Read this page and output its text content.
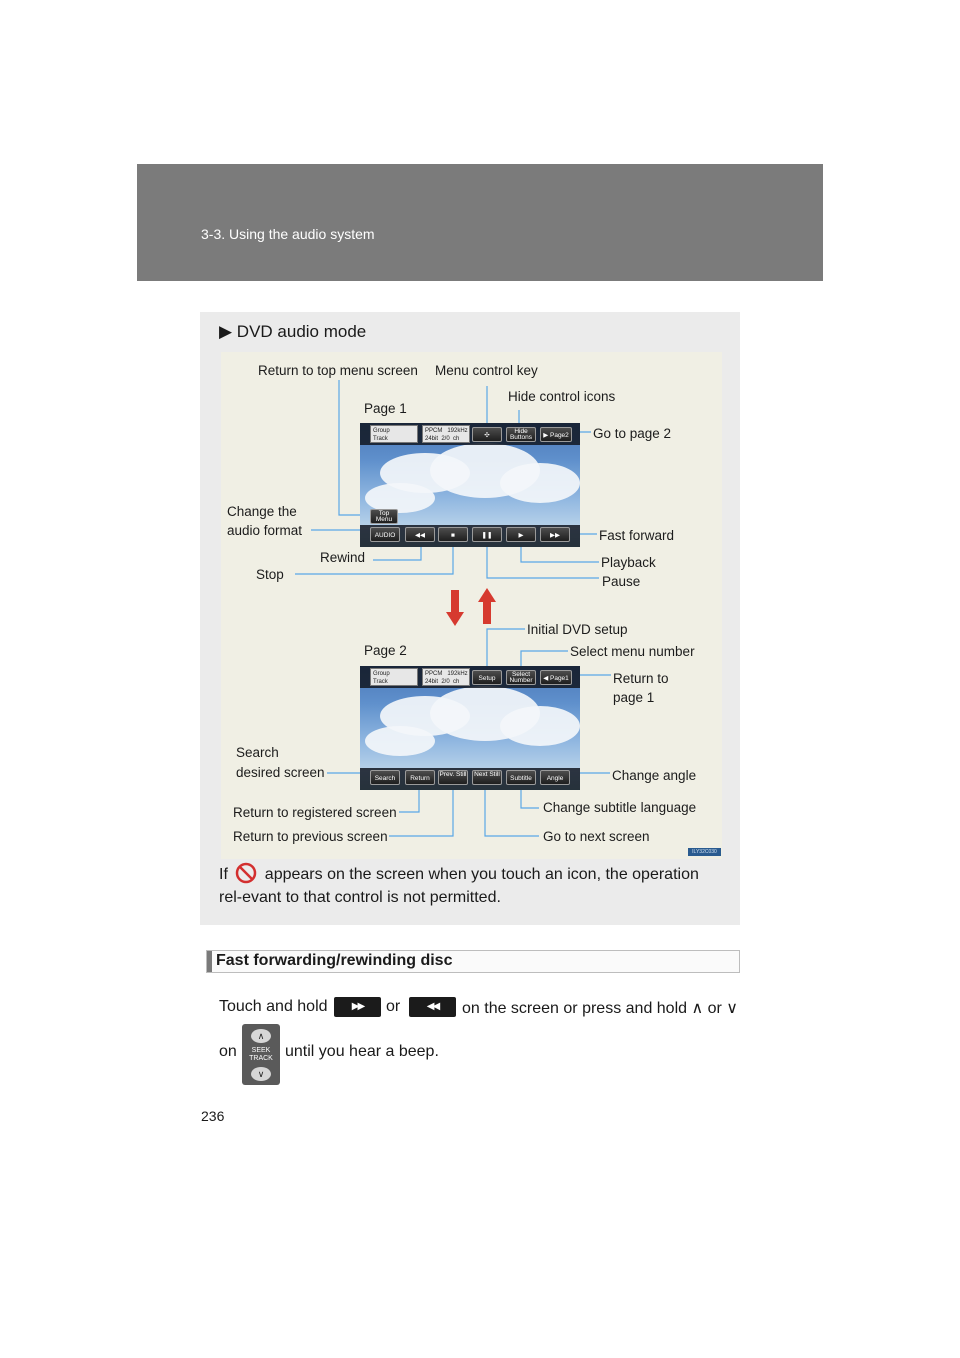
3-3. Using the audio system
▶ DVD audio mode
Return to top menu screen Menu control key
Hide control icons
Page 1
Go to page 2
Change the
audio format	Fast forward
Rewind	Playback
Stop	Pause
Initial DVD setup
Page 2	Select menu number
Return to
page 1
Search
desired screen	Change angle
Return to registered screen	Change subtitle language
Return to previous screen	Go to next screen
Group
Track
PPCM   192kHz
24bit  2/0  ch	✣
Hide Buttons	▶ Page2
Top Menu
AUDIO	◀◀	■	❚❚	▶	▶▶
Group
Track
PPCM   192kHz
24bit  2/0  ch	Setup
Select Number	◀ Page1
Search	Return
Prev. Still	Next Still
Subtitle	Angle
ILY32C030
If appears on the screen when you touch an icon, the operation rel-evant to that control is not permitted.
Fast forwarding/rewinding disc
Touch and hold	▶▶	or	◀◀	on the screen or press and hold ∧ or ∨
on
∧
SEEK
TRACK
∨
until you hear a beep.
236
